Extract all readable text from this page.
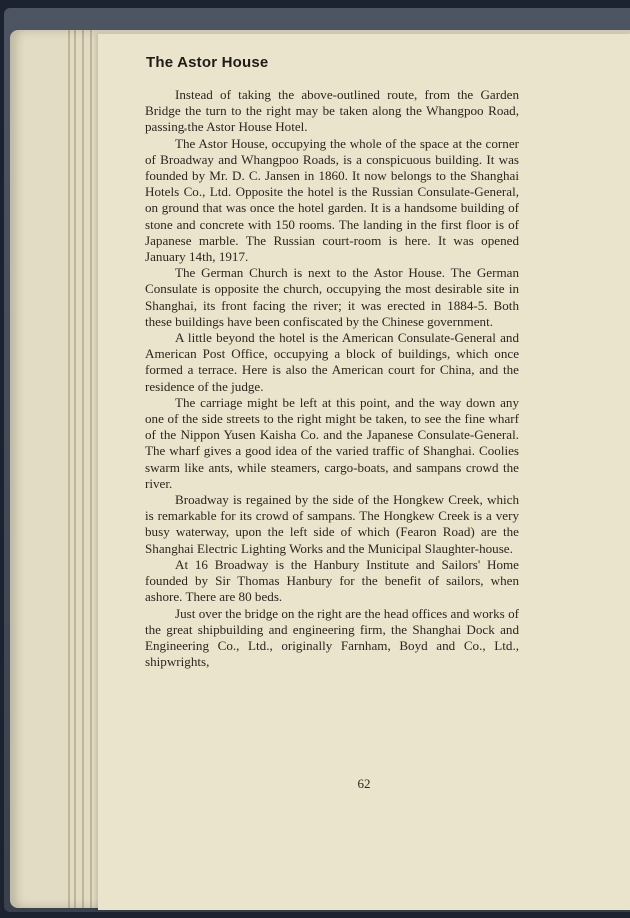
62
The Astor House

Instead of taking the above-outlined route, from the Garden Bridge the turn to the right may be taken along the Whangpoo Road, passing the Astor House Hotel.

The Astor House, occupying the whole of the space at the corner of Broadway and Whangpoo Roads, is a conspicuous building. It was founded by Mr. D. C. Jansen in 1860. It now belongs to the Shanghai Hotels Co., Ltd. Opposite the hotel is the Russian Consulate-General, on ground that was once the hotel garden. It is a handsome building of stone and concrete with 150 rooms. The landing in the first floor is of Japanese marble. The Russian court-room is here. It was opened January 14th, 1917.

The German Church is next to the Astor House. The German Consulate is opposite the church, occupying the most desirable site in Shanghai, its front facing the river; it was erected in 1884-5. Both these buildings have been confiscated by the Chinese government.

A little beyond the hotel is the American Consulate-General and American Post Office, occupying a block of buildings, which once formed a terrace. Here is also the American court for China, and the residence of the judge.

The carriage might be left at this point, and the way down any one of the side streets to the right might be taken, to see the fine wharf of the Nippon Yusen Kaisha Co. and the Japanese Consulate-General. The wharf gives a good idea of the varied traffic of Shanghai. Coolies swarm like ants, while steamers, cargo-boats, and sampans crowd the river.

Broadway is regained by the side of the Hongkew Creek, which is remarkable for its crowd of sampans. The Hongkew Creek is a very busy waterway, upon the left side of which (Fearon Road) are the Shanghai Electric Lighting Works and the Municipal Slaughter-house.

At 16 Broadway is the Hanbury Institute and Sailors' Home founded by Sir Thomas Hanbury for the benefit of sailors, when ashore. There are 80 beds.

Just over the bridge on the right are the head offices and works of the great shipbuilding and engineering firm, the Shanghai Dock and Engineering Co., Ltd., originally Farnham, Boyd and Co., Ltd., shipwrights,
